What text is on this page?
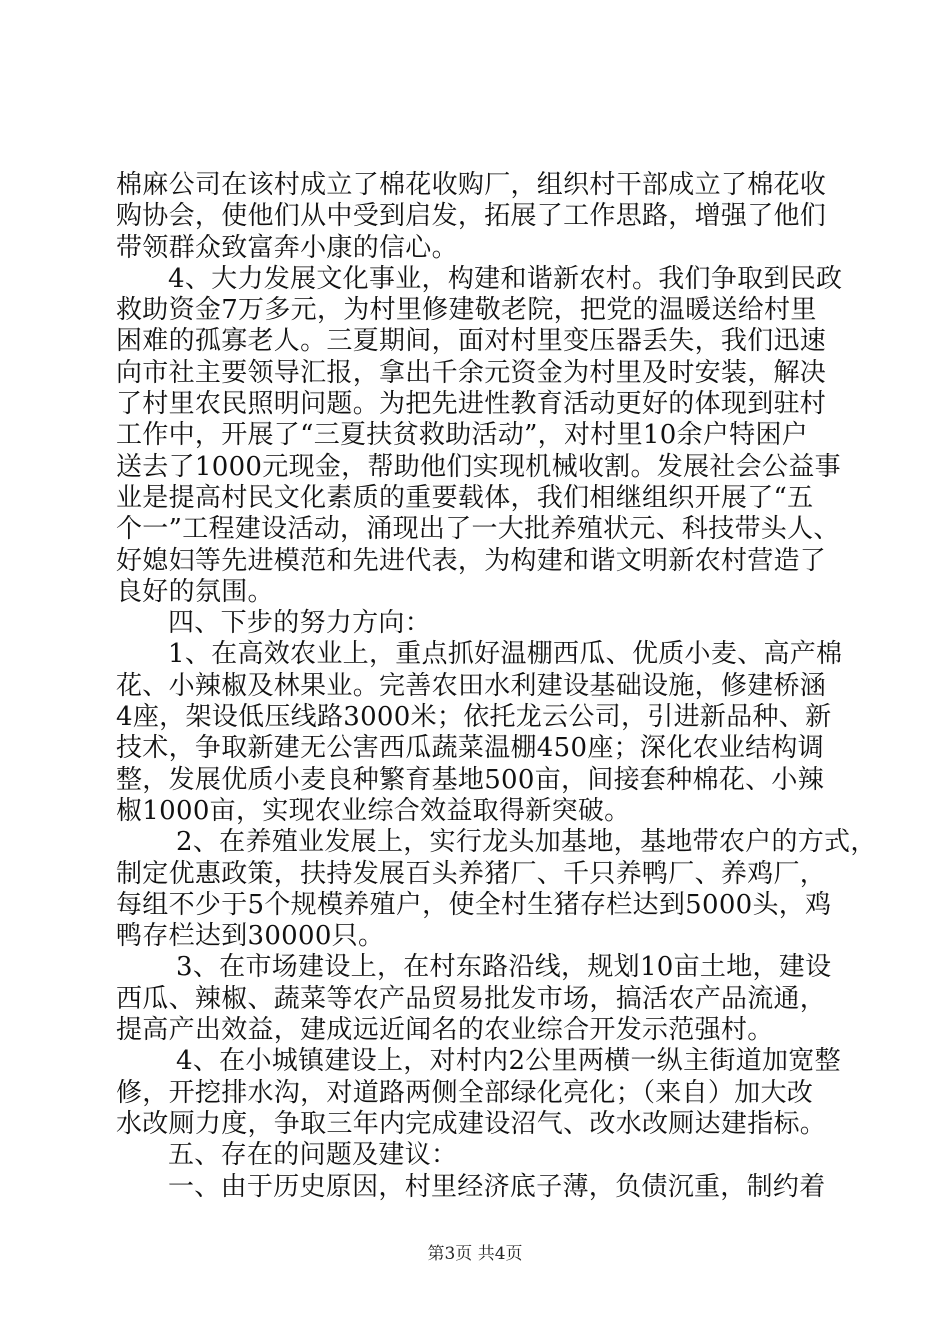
棉麻公司在该村成立了棉花收购厂，组织村干部成立了棉花收
购协会，使他们从中受到启发，拓展了工作思路，增强了他们
带领群众致富奔小康的信心。
4、大力发展文化事业，构建和谐新农村。我们争取到民政
救助资金7万多元，为村里修建敬老院，把党的温暖送给村里
困难的孤寡老人。三夏期间，面对村里变压器丢失，我们迅速
向市社主要领导汇报，拿出千余元资金为村里及时安装，解决
了村里农民照明问题。为把先进性教育活动更好的体现到驻村
工作中，开展了“三夏扶贫救助活动”，对村里10余户特困户
送去了1000元现金，帮助他们实现机械收割。发展社会公益事
业是提高村民文化素质的重要载体，我们相继组织开展了“五
个一”工程建设活动，涌现出了一大批养殖状元、科技带头人、
好媳妇等先进模范和先进代表，为构建和谐文明新农村营造了
良好的氛围。
四、下步的努力方向：
1、在高效农业上，重点抓好温棚西瓜、优质小麦、高产棉
花、小辣椒及林果业。完善农田水利建设基础设施，修建桥涵
4座，架设低压线路3000米；依托龙云公司，引进新品种、新
技术，争取新建无公害西瓜蔬菜温棚450座；深化农业结构调
整，发展优质小麦良种繁育基地500亩，间接套种棉花、小辣
椒1000亩，实现农业综合效益取得新突破。
2、在养殖业发展上，实行龙头加基地，基地带农户的方式，
制定优惠政策，扶持发展百头养猪厂、千只养鸭厂、养鸡厂，
每组不少于5个规模养殖户，使全村生猪存栏达到5000头，鸡
鸭存栏达到30000只。
3、在市场建设上，在村东路沿线，规划10亩土地，建设
西瓜、辣椒、蔬菜等农产品贸易批发市场，搞活农产品流通，
提高产出效益，建成远近闻名的农业综合开发示范强村。
4、在小城镇建设上，对村内2公里两横一纵主街道加宽整
修，开挖排水沟，对道路两侧全部绿化亮化；（来自）加大改
水改厕力度，争取三年内完成建设沼气、改水改厕达建指标。
五、存在的问题及建议：
一、由于历史原因，村里经济底子薄，负债沉重，制约着
第3页 共4页
